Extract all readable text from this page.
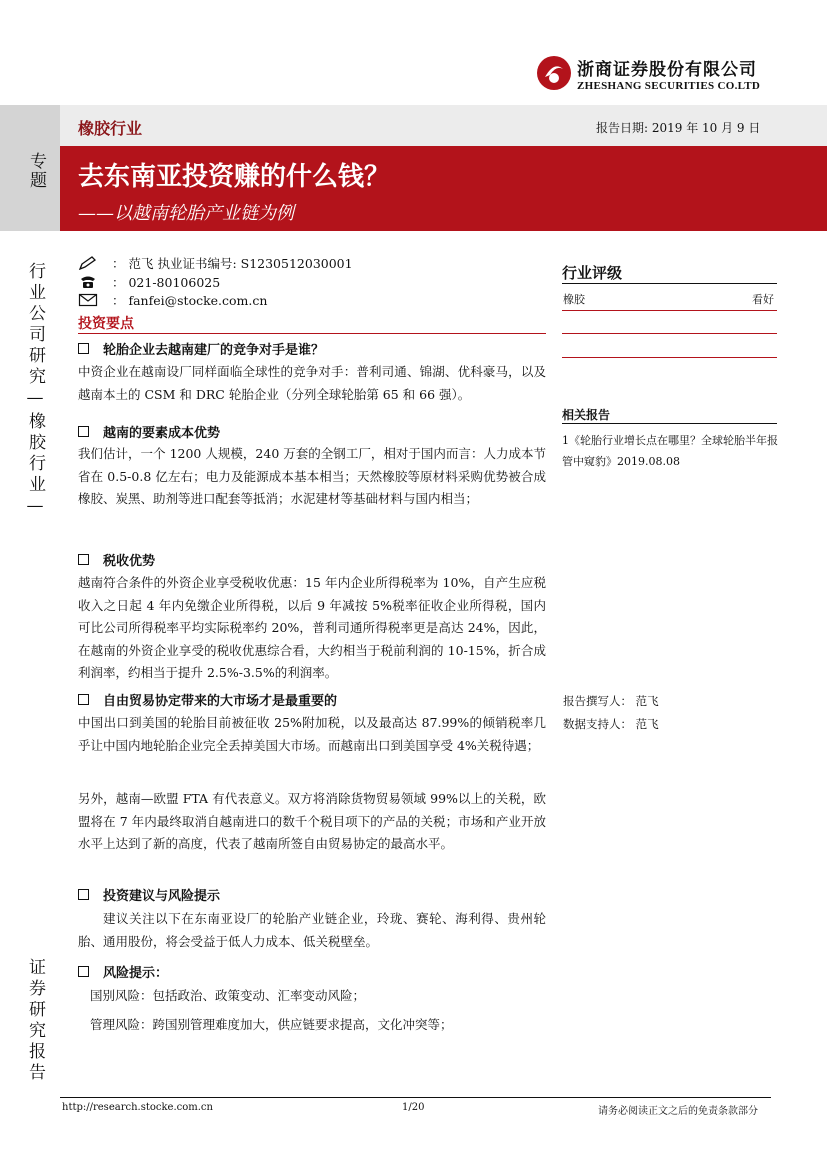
浙商证券股份有限公司
ZHESHANG SECURITIES CO.LTD
橡胶行业	报告日期: 2019 年 10 月 9 日
去东南亚投资赚的什么钱？
——以越南轮胎产业链为例
专题
行业公司研究—橡胶行业—
证券研究报告
： 范飞 执业证书编号: S1230512030001
： 021-80106025
： fanfei@stocke.com.cn
行业评级
橡胶	看好
相关报告
1《轮胎行业增长点在哪里？全球轮胎半年报管中窥豹》2019.08.08
报告撰写人： 范飞
数据支持人： 范飞
投资要点
轮胎企业去越南建厂的竞争对手是谁？
中资企业在越南设厂同样面临全球性的竞争对手：普利司通、锦湖、优科豪马，以及越南本土的 CSM 和 DRC 轮胎企业（分列全球轮胎第 65 和 66 强）。
越南的要素成本优势
我们估计，一个 1200 人规模，240 万套的全钢工厂，相对于国内而言：人力成本节省在 0.5-0.8 亿左右；电力及能源成本基本相当；天然橡胶等原材料采购优势被合成橡胶、炭黑、助剂等进口配套等抵消；水泥建材等基础材料与国内相当；
税收优势
越南符合条件的外资企业享受税收优惠：15 年内企业所得税率为 10%，自产生应税收入之日起 4 年内免缴企业所得税，以后 9 年减按 5%税率征收企业所得税，国内可比公司所得税率平均实际税率约 20%，普利司通所得税率更是高达 24%，因此，在越南的外资企业享受的税收优惠综合看，大约相当于税前利润的 10-15%，折合成利润率，约相当于提升 2.5%-3.5%的利润率。
自由贸易协定带来的大市场才是最重要的
中国出口到美国的轮胎目前被征收 25%附加税，以及最高达 87.99%的倾销税率几乎让中国内地轮胎企业完全丢掉美国大市场。而越南出口到美国享受 4%关税待遇；
另外，越南—欧盟 FTA 有代表意义。双方将消除货物贸易领域 99%以上的关税，欧盟将在 7 年内最终取消自越南进口的数千个税目项下的产品的关税；市场和产业开放水平上达到了新的高度，代表了越南所签自由贸易协定的最高水平。
投资建议与风险提示
建议关注以下在东南亚设厂的轮胎产业链企业，玲珑、赛轮、海利得、贵州轮胎、通用股份，将会受益于低人力成本、低关税壁垒。
风险提示：
国别风险：包括政治、政策变动、汇率变动风险；
管理风险：跨国别管理难度加大，供应链要求提高，文化冲突等；
http://research.stocke.com.cn	1/20	请务必阅读正文之后的免责条款部分
